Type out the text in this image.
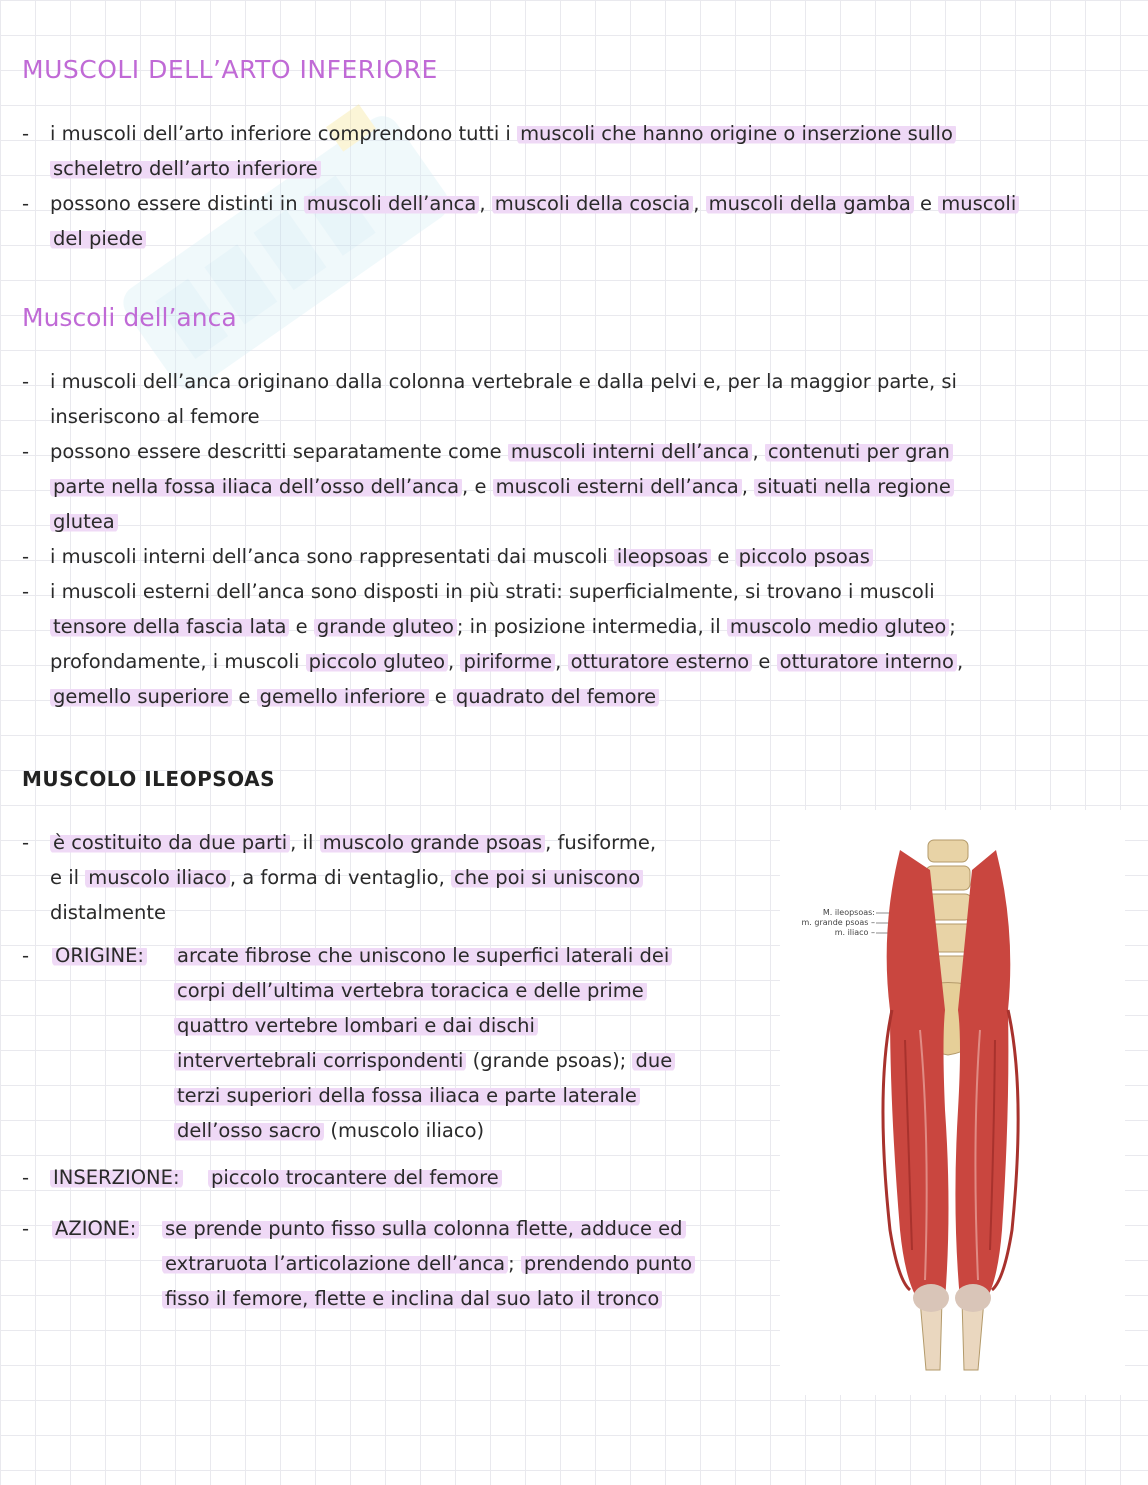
MUSCOLI DELL’ARTO INFERIORE
- i muscoli dell’arto inferiore comprendono tutti i muscoli che hanno origine o inserzione sullo
scheletro dell’arto inferiore
- possono essere distinti in muscoli dell’anca , muscoli della coscia , muscoli della gamba e muscoli
del piede
Muscoli dell’anca
- i muscoli dell’anca originano dalla colonna vertebrale e dalla pelvi e, per la maggior parte, si
inseriscono al femore
- possono essere descritti separatamente come muscoli interni dell’anca , contenuti per gran
parte nella fossa iliaca dell’osso dell’anca , e muscoli esterni dell’anca , situati nella regione
glutea
- i muscoli interni dell’anca sono rappresentati dai muscoli ileopsoas e piccolo psoas
- i muscoli esterni dell’anca sono disposti in più strati: superficialmente, si trovano i muscoli
tensore della fascia lata e grande gluteo ; in posizione intermedia, il muscolo medio gluteo ;
profondamente, i muscoli piccolo gluteo , piriforme , otturatore esterno e otturatore interno ,
gemello superiore e gemello inferiore e quadrato del femore
MUSCOLO ILEOPSOAS
- è costituito da due parti , il muscolo grande psoas , fusiforme,
e il muscolo iliaco , a forma di ventaglio, che poi si uniscono
distalmente
- ORIGINE: arcate fibrose che uniscono le superfici laterali dei
corpi dell’ultima vertebra toracica e delle prime
quattro vertebre lombari e dai dischi
intervertebrali corrispondenti (grande psoas); due
terzi superiori della fossa iliaca e parte laterale
dell’osso sacro (muscolo iliaco)
- INSERZIONE: piccolo trocantere del femore
- AZIONE: se prende punto fisso sulla colonna flette, adduce ed
extraruota l’articolazione dell’anca ; prendendo punto
fisso il femore, flette e inclina dal suo lato il tronco
M. ileopsoas:
m. grande psoas –
m. iliaco –
